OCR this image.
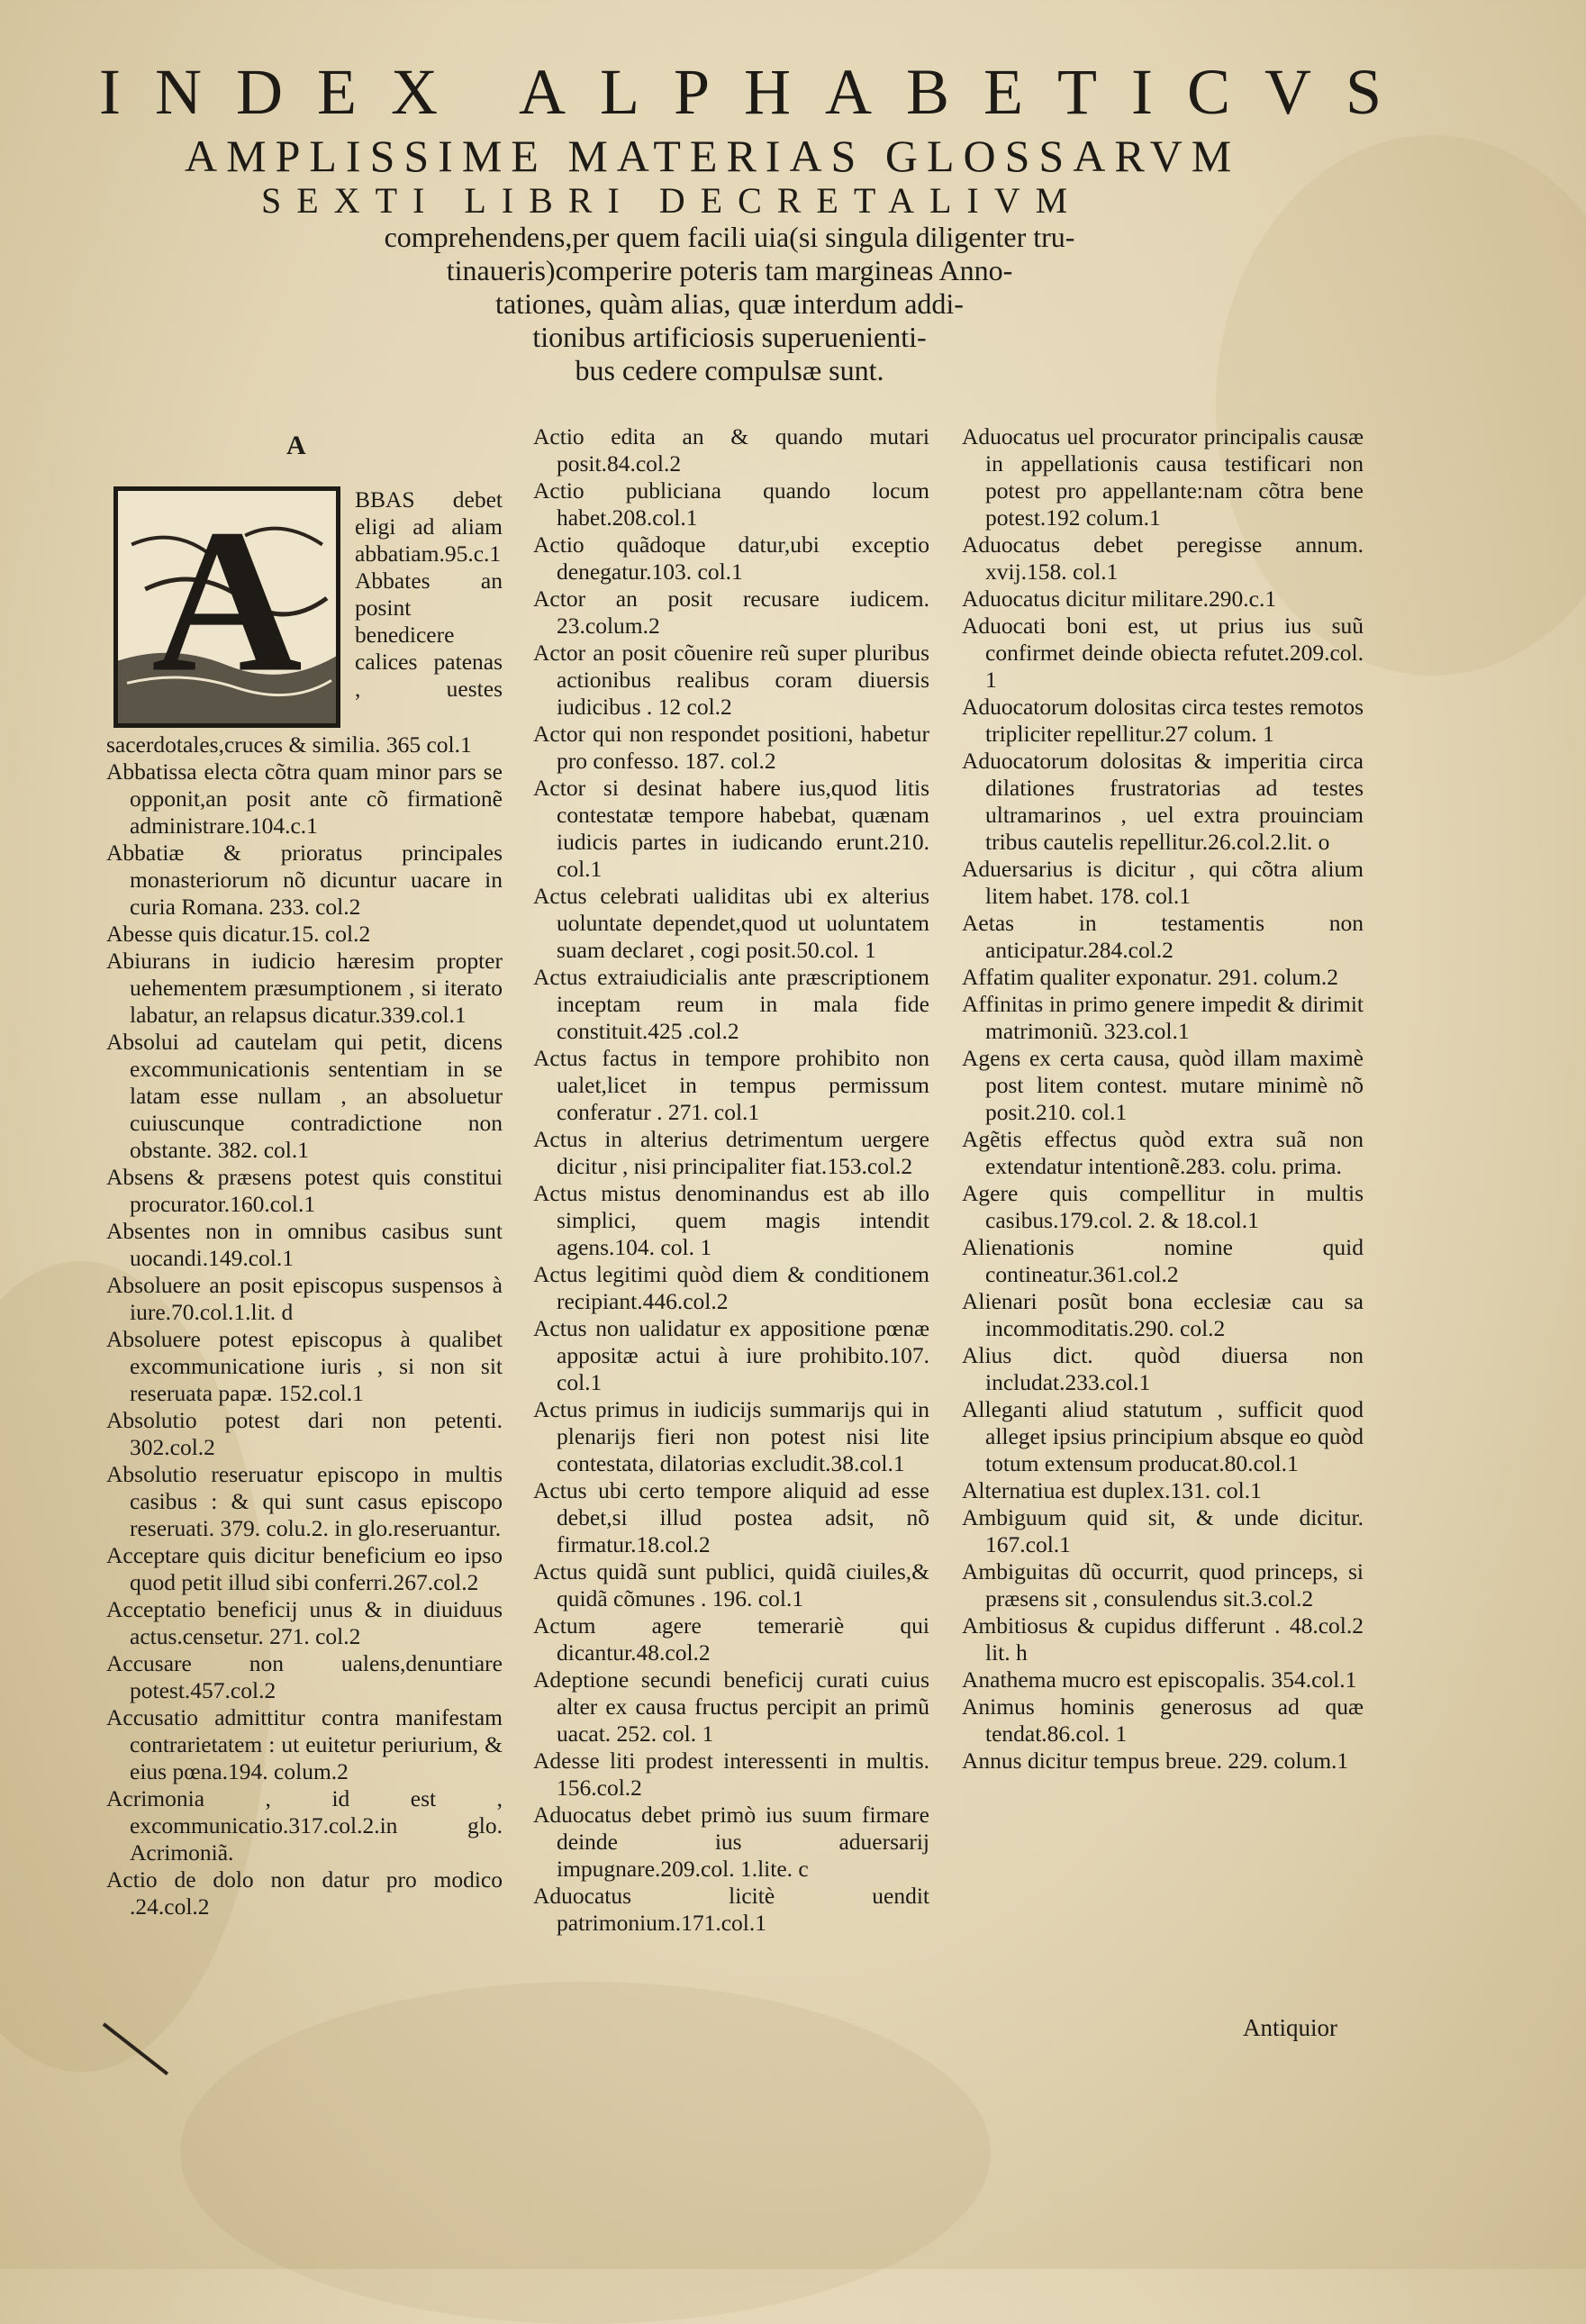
INDEX ALPHABETICVS
AMPLISSIME MATERIAS GLOSSARVM
SEXTI LIBRI DECRETALIVM
comprehendens,per quem facili uia(si singula diligenter tru-
tinaueris)comperire poteris tam margineas Anno-
tationes, quàm alias, quæ interdum addi-
tionibus artificiosis superuenienti-
bus cedere compulsæ sunt.
A
A	BBAS debet eligi ad aliam abbatiam.95.c.1 Abbates an posint benedicere calices patenas , uestes sacerdotales,cruces & similia. 365 col.1

Abbatissa electa cõtra quam minor pars se opponit,an posit ante cõ firmationẽ administrare.104.c.1

Abbatiæ & prioratus principales monasteriorum nõ dicuntur uacare in curia Romana. 233. col.2

Abesse quis dicatur.15. col.2

Abiurans in iudicio hæresim propter uehementem præsumptionem , si iterato labatur, an relapsus dicatur.339.col.1

Absolui ad cautelam qui petit, dicens excommunicationis sententiam in se latam esse nullam , an absoluetur cuiuscunque contradictione non obstante. 382. col.1

Absens & præsens potest quis constitui procurator.160.col.1

Absentes non in omnibus casibus sunt uocandi.149.col.1

Absoluere an posit episcopus suspensos à iure.70.col.1.lit. d

Absoluere potest episcopus à qualibet excommunicatione iuris , si non sit reseruata papæ. 152.col.1

Absolutio potest dari non petenti. 302.col.2

Absolutio reseruatur episcopo in multis casibus : & qui sunt casus episcopo reseruati. 379. colu.2. in glo.reseruantur.

Acceptare quis dicitur beneficium eo ipso quod petit illud sibi conferri.267.col.2

Acceptatio beneficij unus & in diuiduus actus.censetur. 271. col.2

Accusare non ualens,denuntiare potest.457.col.2

Accusatio admittitur contra manifestam contrarietatem : ut euitetur periurium, & eius pœna.194. colum.2

Acrimonia , id est , excommunicatio.317.col.2.in glo. Acrimoniã.

Actio de dolo non datur pro modico .24.col.2

Actio edita an & quando mutari posit.84.col.2

Actio publiciana quando locum habet.208.col.1

Actio quãdoque datur,ubi exceptio denegatur.103. col.1

Actor an posit recusare iudicem. 23.colum.2

Actor an posit cõuenire reũ super pluribus actionibus realibus coram diuersis iudicibus . 12 col.2

Actor qui non respondet positioni, habetur pro confesso. 187. col.2

Actor si desinat habere ius,quod litis contestatæ tempore habebat, quænam iudicis partes in iudicando erunt.210. col.1

Actus celebrati ualiditas ubi ex alterius uoluntate dependet,quod ut uoluntatem suam declaret , cogi posit.50.col. 1

Actus extraiudicialis ante præscriptionem inceptam reum in mala fide constituit.425 .col.2

Actus factus in tempore prohibito non ualet,licet in tempus permissum conferatur . 271. col.1

Actus in alterius detrimentum uergere dicitur , nisi principaliter fiat.153.col.2

Actus mistus denominandus est ab illo simplici, quem magis intendit agens.104. col. 1

Actus legitimi quòd diem & conditionem recipiant.446.col.2

Actus non ualidatur ex appositione pœnæ appositæ actui à iure prohibito.107. col.1

Actus primus in iudicijs summarijs qui in plenarijs fieri non potest nisi lite contestata, dilatorias excludit.38.col.1

Actus ubi certo tempore aliquid ad esse debet,si illud postea adsit, nõ firmatur.18.col.2

Actus quidã sunt publici, quidã ciuiles,& quidã cõmunes . 196. col.1

Actum agere temerariè qui dicantur.48.col.2

Adeptione secundi beneficij curati cuius alter ex causa fructus percipit an primũ uacat. 252. col. 1

Adesse liti prodest interessenti in multis. 156.col.2

Aduocatus debet primò ius suum firmare deinde ius aduersarij impugnare.209.col. 1.lite. c

Aduocatus licitè uendit patrimonium.171.col.1

Aduocatus uel procurator principalis causæ in appellationis causa testificari non potest pro appellante:nam cõtra bene potest.192 colum.1

Aduocatus debet peregisse annum. xvij.158. col.1

Aduocatus dicitur militare.290.c.1

Aduocati boni est, ut prius ius suũ confirmet deinde obiecta refutet.209.col. 1

Aduocatorum dolositas circa testes remotos tripliciter repellitur.27 colum. 1

Aduocatorum dolositas & imperitia circa dilationes frustratorias ad testes ultramarinos , uel extra prouinciam tribus cautelis repellitur.26.col.2.lit. o

Aduersarius is dicitur , qui cõtra alium litem habet. 178. col.1

Aetas in testamentis non anticipatur.284.col.2

Affatim qualiter exponatur. 291. colum.2

Affinitas in primo genere impedit & dirimit matrimoniũ. 323.col.1

Agens ex certa causa, quòd illam maximè post litem contest. mutare minimè nõ posit.210. col.1

Agẽtis effectus quòd extra suã non extendatur intentionẽ.283. colu. prima.

Agere quis compellitur in multis casibus.179.col. 2. & 18.col.1

Alienationis nomine quid contineatur.361.col.2

Alienari posũt bona ecclesiæ cau sa incommoditatis.290. col.2

Alius dict. quòd diuersa non includat.233.col.1

Alleganti aliud statutum , sufficit quod alleget ipsius principium absque eo quòd totum extensum producat.80.col.1

Alternatiua est duplex.131. col.1

Ambiguum quid sit, & unde dicitur. 167.col.1

Ambiguitas dũ occurrit, quod princeps, si præsens sit , consulendus sit.3.col.2

Ambitiosus & cupidus differunt . 48.col.2 lit. h

Anathema mucro est episcopalis. 354.col.1

Animus hominis generosus ad quæ tendat.86.col. 1

Annus dicitur tempus breue. 229. colum.1

Antiquior
